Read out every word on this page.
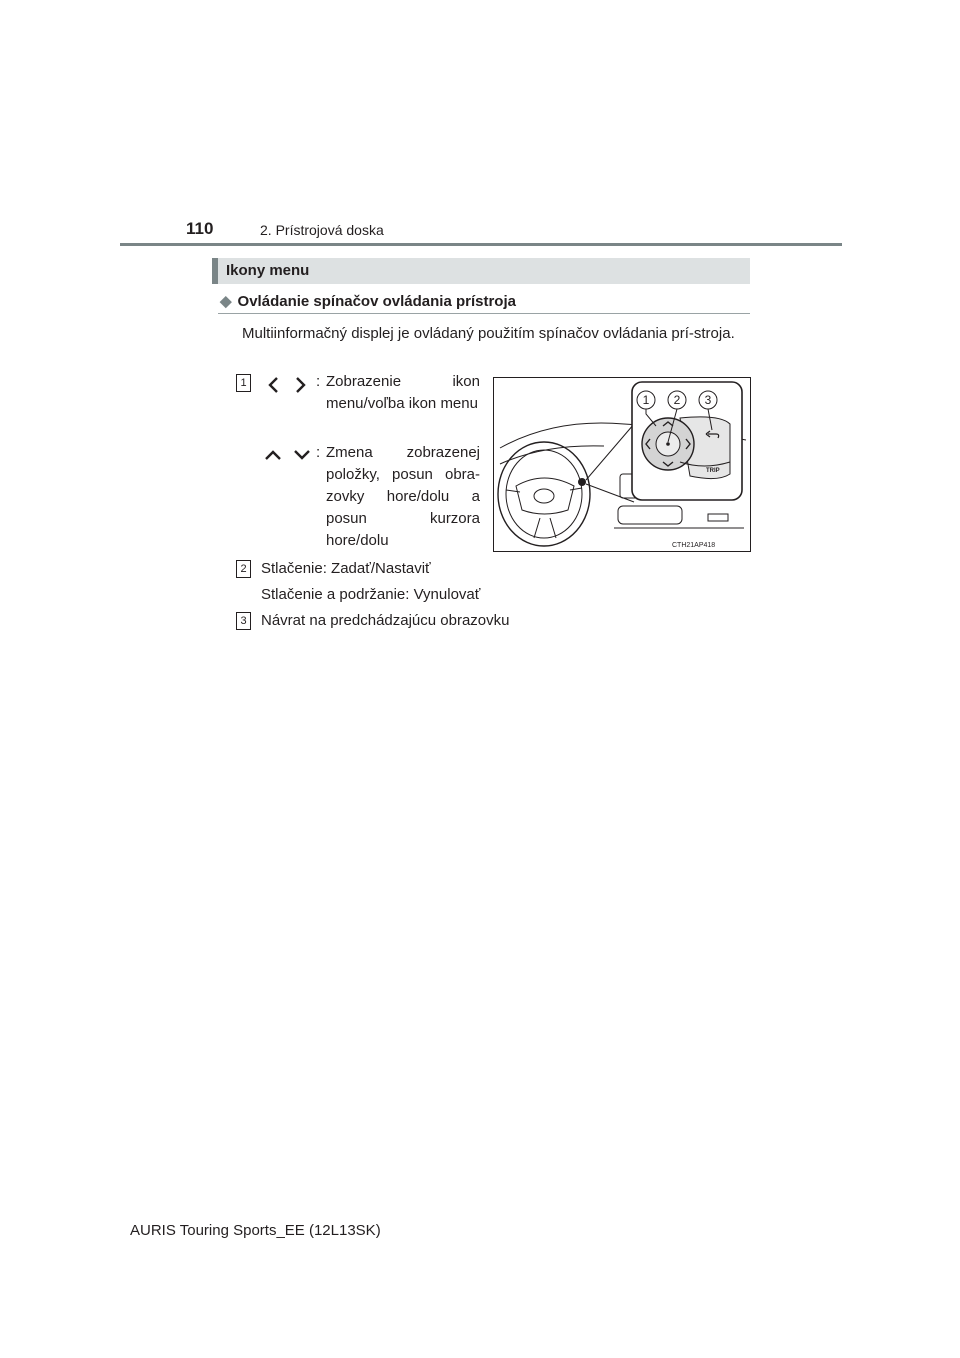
110	2. Prístrojová doska
Ikony menu
◆ Ovládanie spínačov ovládania prístroja
Multiinformačný displej je ovládaný použitím spínačov ovládania prí-stroja.
1	: Zobrazenie ikon menu/voľba ikon menu
: Zmena zobrazenej položky, posun obra-zovky hore/dolu a posun kurzora hore/dolu
TRIP
1 2 3
CTH21AP418
2 Stlačenie: Zadať/Nastaviť
Stlačenie a podržanie: Vynulovať
3 Návrat na predchádzajúcu obrazovku
AURIS Touring Sports_EE (12L13SK)
